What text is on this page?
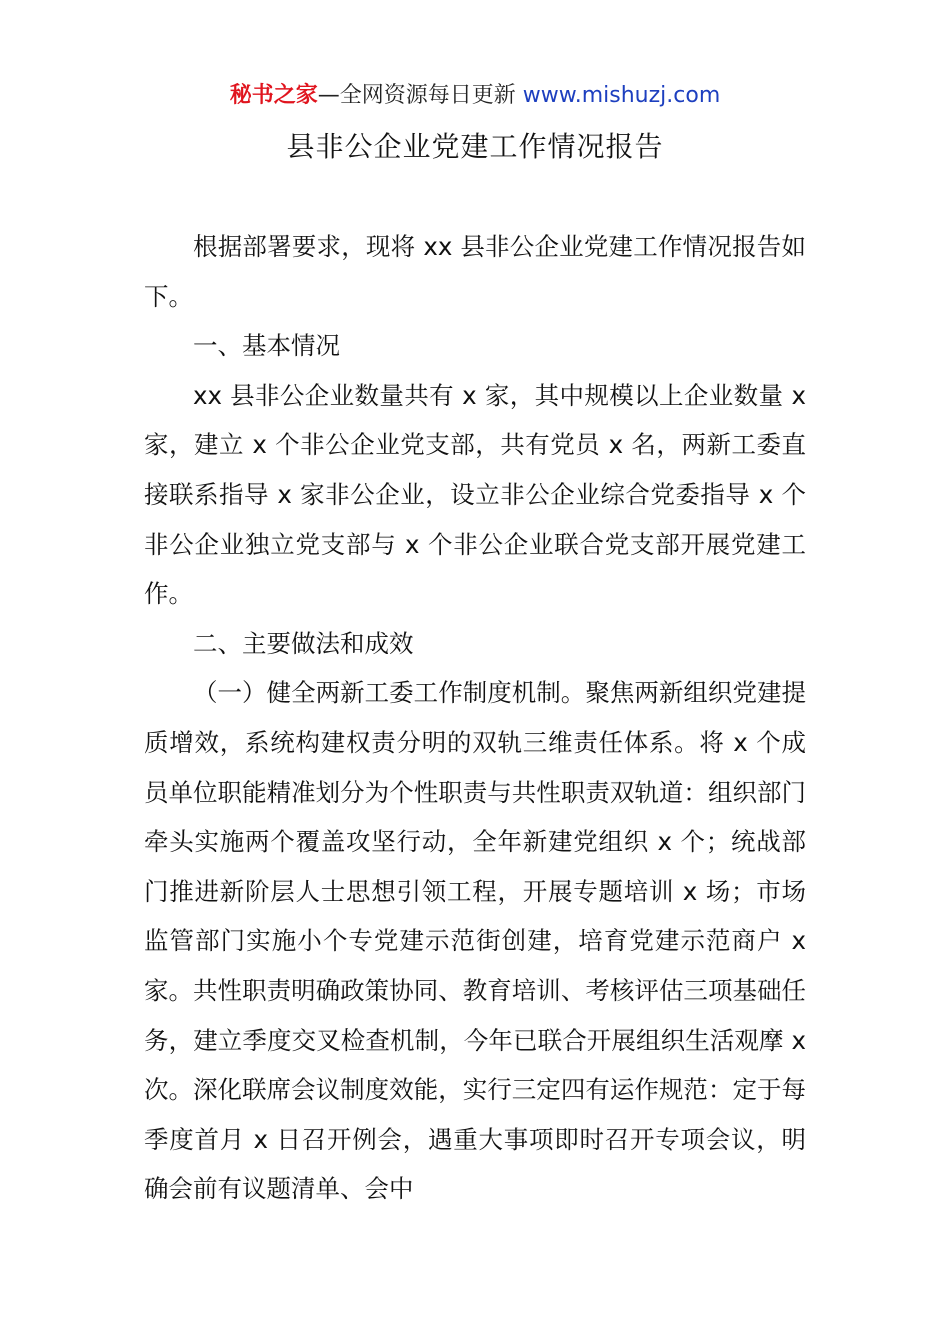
秘书之家—全网资源每日更新 www.mishuzj.com
县非公企业党建工作情况报告

根据部署要求，现将 xx 县非公企业党建工作情况报告如下。

一、基本情况

xx 县非公企业数量共有 x 家，其中规模以上企业数量 x 家，建立 x 个非公企业党支部，共有党员 x 名，两新工委直接联系指导 x 家非公企业，设立非公企业综合党委指导 x 个非公企业独立党支部与 x 个非公企业联合党支部开展党建工作。

二、主要做法和成效

（一）健全两新工委工作制度机制。聚焦两新组织党建提质增效，系统构建权责分明的双轨三维责任体系。将 x 个成员单位职能精准划分为个性职责与共性职责双轨道：组织部门牵头实施两个覆盖攻坚行动，全年新建党组织 x 个；统战部门推进新阶层人士思想引领工程，开展专题培训 x 场；市场监管部门实施小个专党建示范街创建，培育党建示范商户 x 家。共性职责明确政策协同、教育培训、考核评估三项基础任务，建立季度交叉检查机制，今年已联合开展组织生活观摩 x 次。深化联席会议制度效能，实行三定四有运作规范：定于每季度首月 x 日召开例会，遇重大事项即时召开专项会议，明确会前有议题清单、会中
